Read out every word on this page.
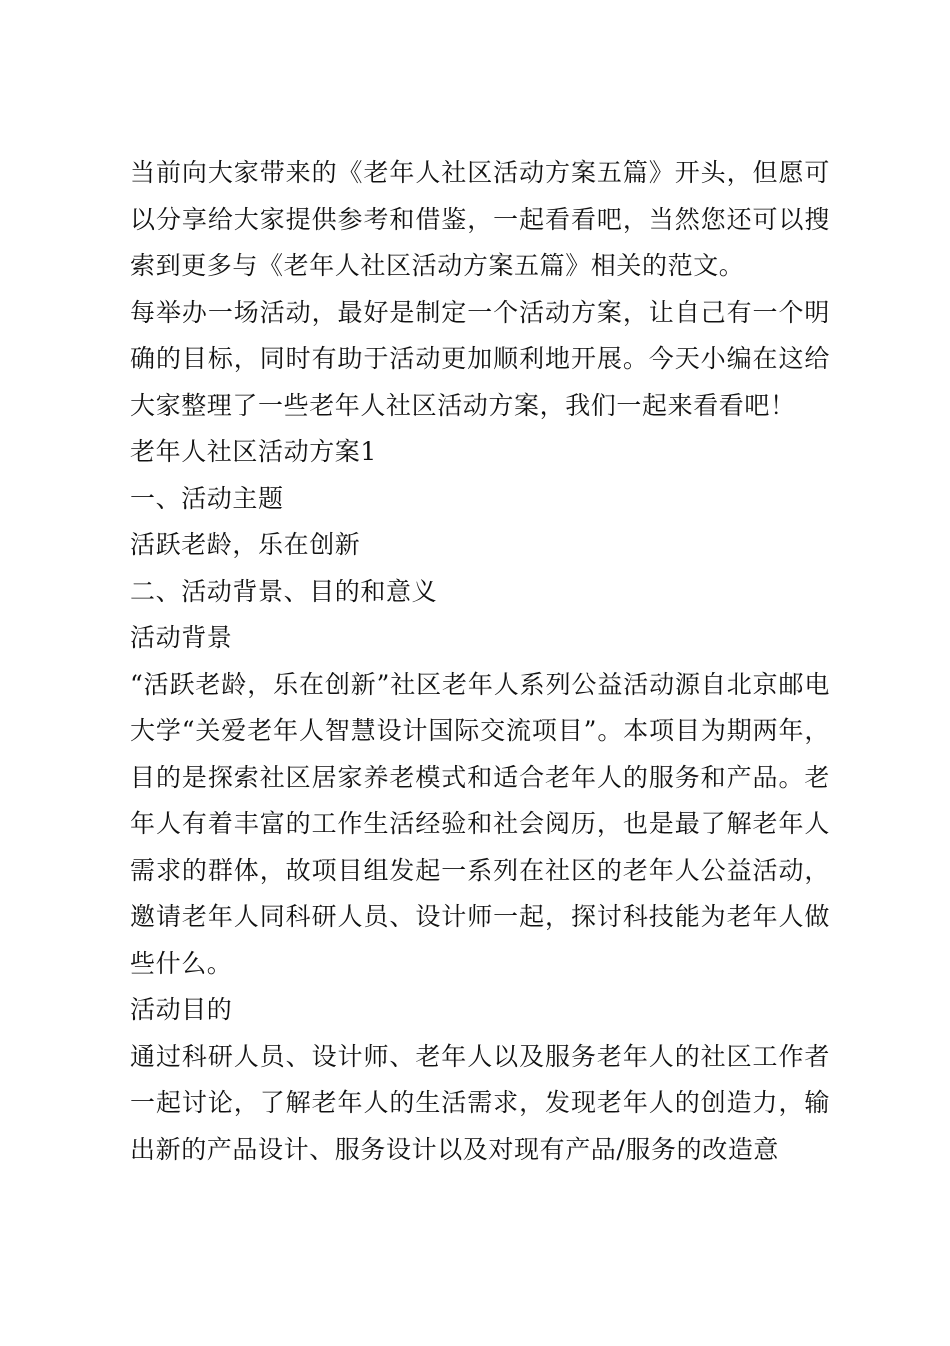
当前向大家带来的《老年人社区活动方案五篇》开头，但愿可以分享给大家提供参考和借鉴，一起看看吧，当然您还可以搜索到更多与《老年人社区活动方案五篇》相关的范文。

每举办一场活动，最好是制定一个活动方案，让自己有一个明确的目标，同时有助于活动更加顺利地开展。今天小编在这给大家整理了一些老年人社区活动方案，我们一起来看看吧！

老年人社区活动方案1

一、活动主题

活跃老龄，乐在创新

二、活动背景、目的和意义

活动背景

“活跃老龄，乐在创新”社区老年人系列公益活动源自北京邮电大学“关爱老年人智慧设计国际交流项目”。本项目为期两年，目的是探索社区居家养老模式和适合老年人的服务和产品。老年人有着丰富的工作生活经验和社会阅历，也是最了解老年人需求的群体，故项目组发起一系列在社区的老年人公益活动，邀请老年人同科研人员、设计师一起，探讨科技能为老年人做些什么。

活动目的

通过科研人员、设计师、老年人以及服务老年人的社区工作者一起讨论，了解老年人的生活需求，发现老年人的创造力，输出新的产品设计、服务设计以及对现有产品/服务的改造意
